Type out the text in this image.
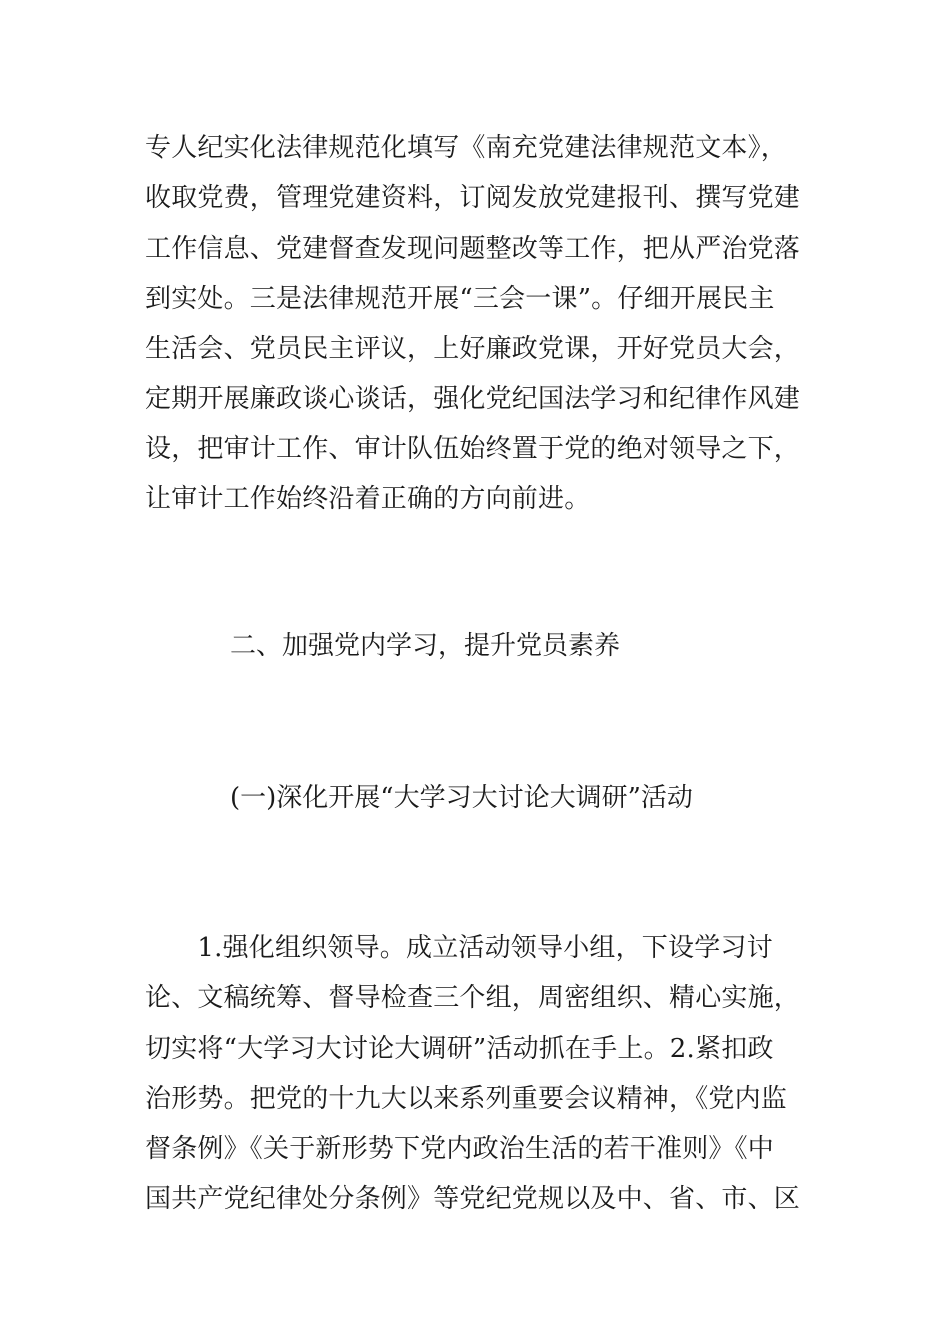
专人纪实化法律规范化填写《南充党建法律规范文本》，
收取党费，管理党建资料，订阅发放党建报刊、撰写党建
工作信息、党建督查发现问题整改等工作，把从严治党落
到实处。三是法律规范开展“三会一课”。仔细开展民主
生活会、党员民主评议，上好廉政党课，开好党员大会，
定期开展廉政谈心谈话，强化党纪国法学习和纪律作风建
设，把审计工作、审计队伍始终置于党的绝对领导之下，
让审计工作始终沿着正确的方向前进。
二、加强党内学习，提升党员素养
(一)深化开展“大学习大讨论大调研”活动
　　1.强化组织领导。成立活动领导小组，下设学习讨
论、文稿统筹、督导检查三个组，周密组织、精心实施，
切实将“大学习大讨论大调研”活动抓在手上。2.紧扣政
治形势。把党的十九大以来系列重要会议精神，《党内监
督条例》《关于新形势下党内政治生活的若干准则》《中
国共产党纪律处分条例》等党纪党规以及中、省、市、区
